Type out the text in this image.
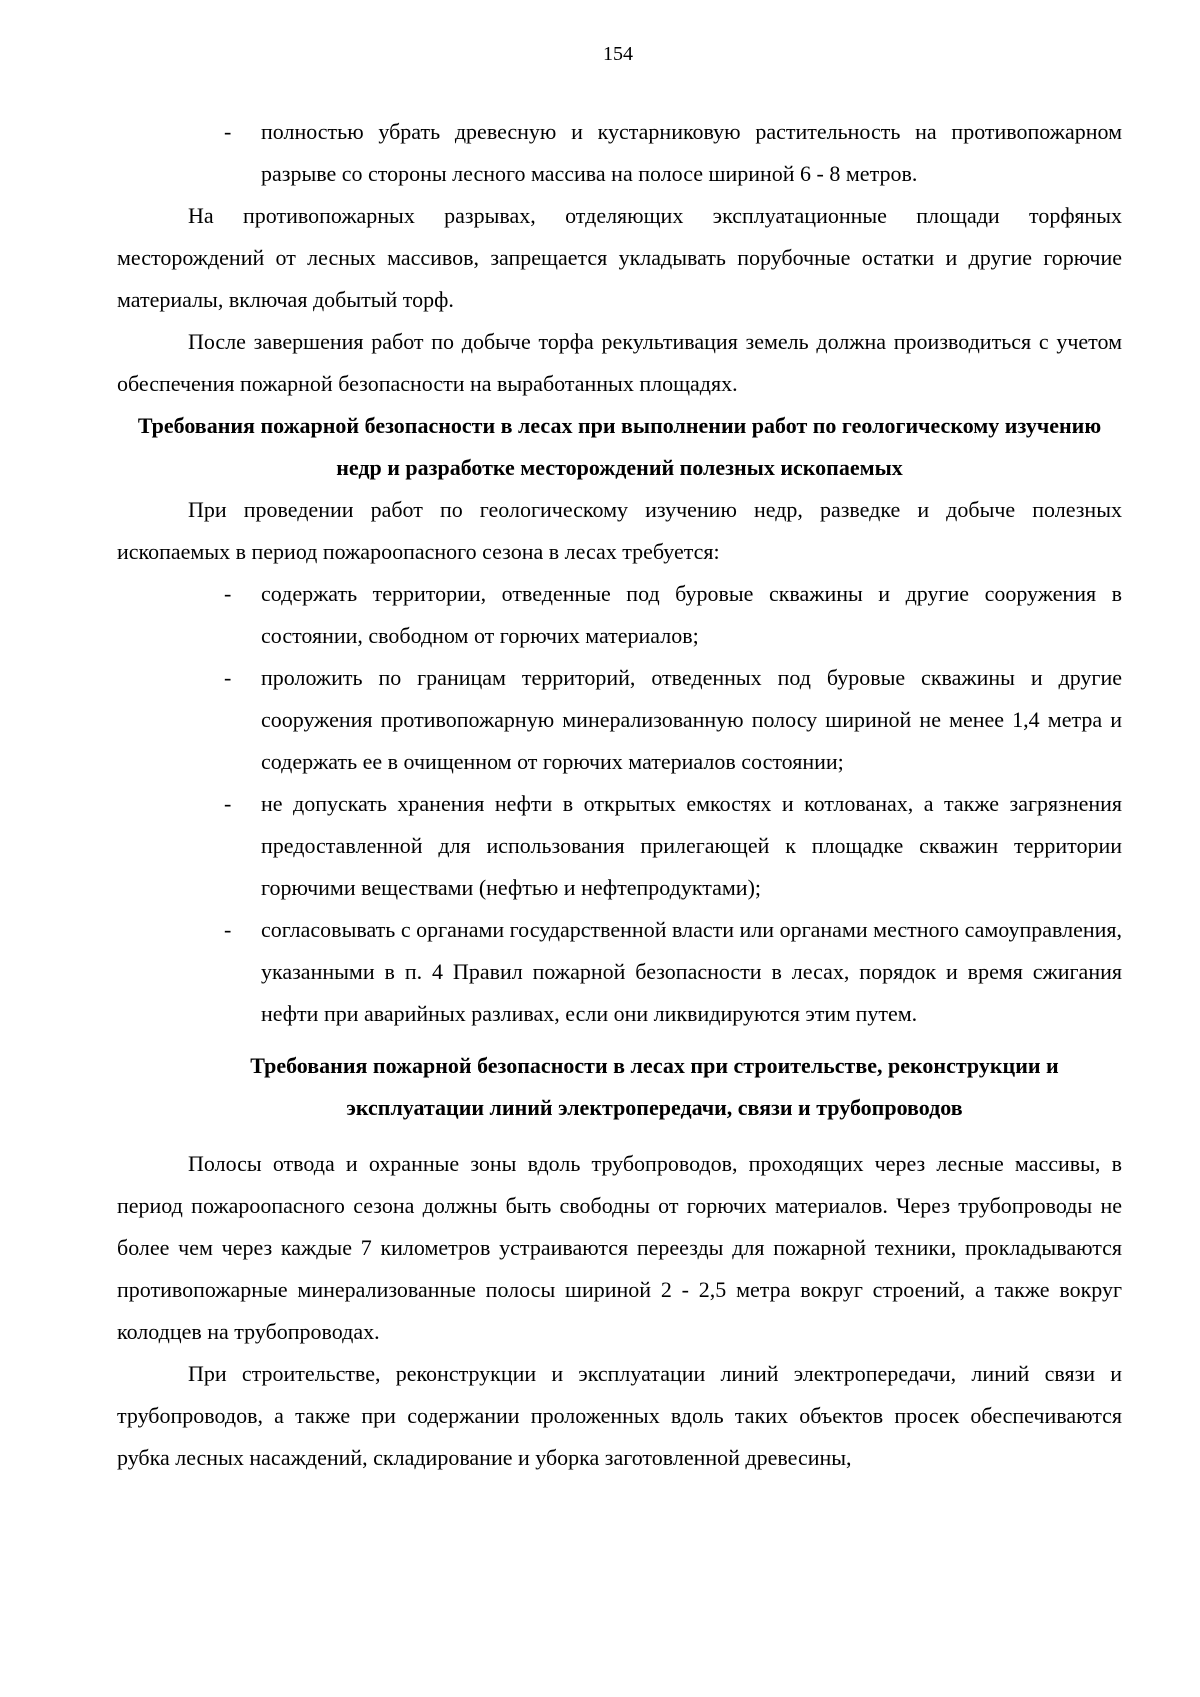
154
- полностью убрать древесную и кустарниковую растительность на противопожарном разрыве со стороны лесного массива на полосе шириной 6 - 8 метров.

На противопожарных разрывах, отделяющих эксплуатационные площади торфяных месторождений от лесных массивов, запрещается укладывать порубочные остатки и другие горючие материалы, включая добытый торф.

После завершения работ по добыче торфа рекультивация земель должна производиться с учетом обеспечения пожарной безопасности на выработанных площадях.

Требования пожарной безопасности в лесах при выполнении работ по геологическому изучению недр и разработке месторождений полезных ископаемых

При проведении работ по геологическому изучению недр, разведке и добыче полезных ископаемых в период пожароопасного сезона в лесах требуется:

- содержать территории, отведенные под буровые скважины и другие сооружения в состоянии, свободном от горючих материалов;
- проложить по границам территорий, отведенных под буровые скважины и другие сооружения противопожарную минерализованную полосу шириной не менее 1,4 метра и содержать ее в очищенном от горючих материалов состоянии;
- не допускать хранения нефти в открытых емкостях и котлованах, а также загрязнения предоставленной для использования прилегающей к площадке скважин территории горючими веществами (нефтью и нефтепродуктами);
- согласовывать с органами государственной власти или органами местного самоуправления, указанными в п. 4 Правил пожарной безопасности в лесах, порядок и время сжигания нефти при аварийных разливах, если они ликвидируются этим путем.
Требования пожарной безопасности в лесах при строительстве, реконструкции и эксплуатации линий электропередачи, связи и трубопроводов

Полосы отвода и охранные зоны вдоль трубопроводов, проходящих через лесные массивы, в период пожароопасного сезона должны быть свободны от горючих материалов. Через трубопроводы не более чем через каждые 7 километров устраиваются переезды для пожарной техники, прокладываются противопожарные минерализованные полосы шириной 2 - 2,5 метра вокруг строений, а также вокруг колодцев на трубопроводах.

При строительстве, реконструкции и эксплуатации линий электропередачи, линий связи и трубопроводов, а также при содержании проложенных вдоль таких объектов просек обеспечиваются рубка лесных насаждений, складирование и уборка заготовленной древесины,
